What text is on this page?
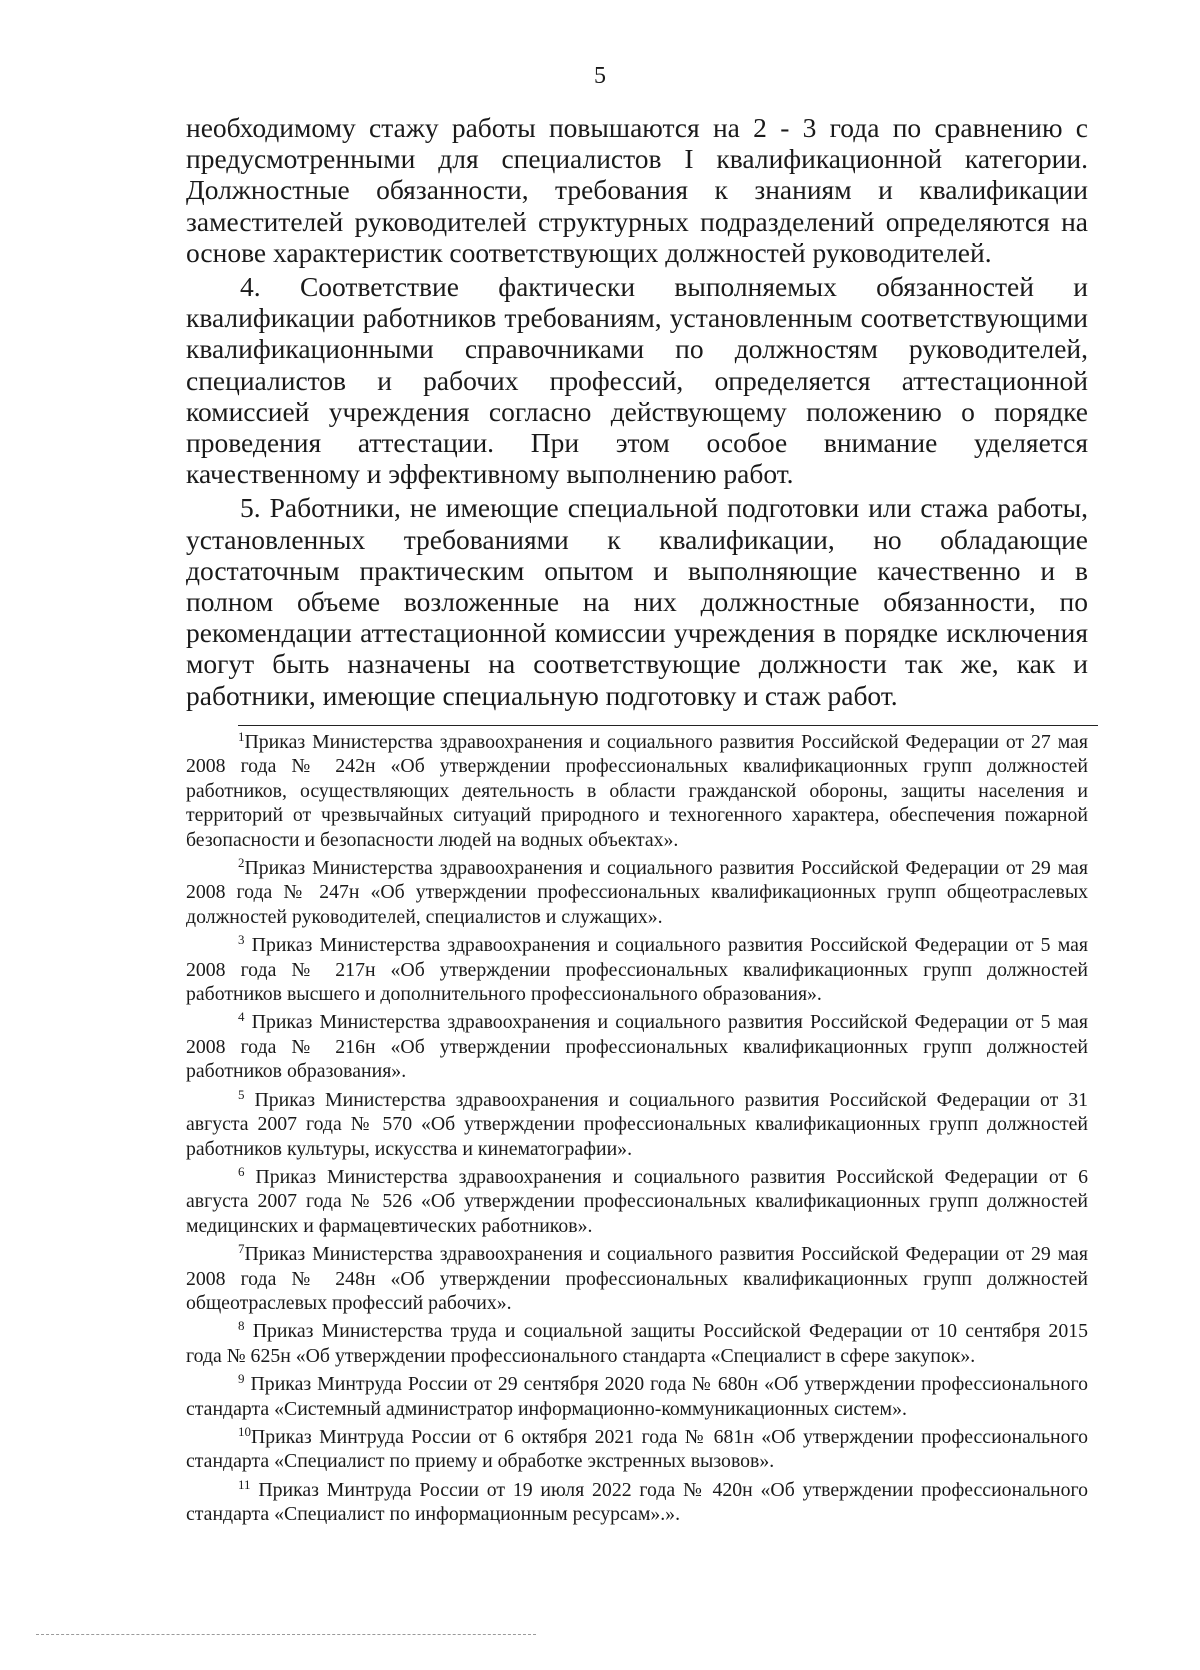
5

необходимому стажу работы повышаются на 2 - 3 года по сравнению с предусмотренными для специалистов I квалификационной категории. Должностные обязанности, требования к знаниям и квалификации заместителей руководителей структурных подразделений определяются на основе характеристик соответствующих должностей руководителей.

4. Соответствие фактически выполняемых обязанностей и квалификации работников требованиям, установленным соответствующими квалификационными справочниками по должностям руководителей, специалистов и рабочих профессий, определяется аттестационной комиссией учреждения согласно действующему положению о порядке проведения аттестации. При этом особое внимание уделяется качественному и эффективному выполнению работ.

5. Работники, не имеющие специальной подготовки или стажа работы, установленных требованиями к квалификации, но обладающие достаточным практическим опытом и выполняющие качественно и в полном объеме возложенные на них должностные обязанности, по рекомендации аттестационной комиссии учреждения в порядке исключения могут быть назначены на соответствующие должности так же, как и работники, имеющие специальную подготовку и стаж работ.

$^1$Приказ Министерства здравоохранения и социального развития Российской Федерации от 27 мая 2008 года № 242н «Об утверждении профессиональных квалификационных групп должностей работников, осуществляющих деятельность в области гражданской обороны, защиты населения и территорий от чрезвычайных ситуаций природного и техногенного характера, обеспечения пожарной безопасности и безопасности людей на водных объектах».

$^2$Приказ Министерства здравоохранения и социального развития Российской Федерации от 29 мая 2008 года № 247н «Об утверждении профессиональных квалификационных групп общеотраслевых должностей руководителей, специалистов и служащих».

$^3$ Приказ Министерства здравоохранения и социального развития Российской Федерации от 5 мая 2008 года № 217н «Об утверждении профессиональных квалификационных групп должностей работников высшего и дополнительного профессионального образования».

$^4$ Приказ Министерства здравоохранения и социального развития Российской Федерации от 5 мая 2008 года № 216н «Об утверждении профессиональных квалификационных групп должностей работников образования».

$^5$ Приказ Министерства здравоохранения и социального развития Российской Федерации от 31 августа 2007 года № 570 «Об утверждении профессиональных квалификационных групп должностей работников культуры, искусства и кинематографии».

$^6$ Приказ Министерства здравоохранения и социального развития Российской Федерации от 6 августа 2007 года № 526 «Об утверждении профессиональных квалификационных групп должностей медицинских и фармацевтических работников».

$^7$Приказ Министерства здравоохранения и социального развития Российской Федерации от 29 мая 2008 года № 248н «Об утверждении профессиональных квалификационных групп должностей общеотраслевых профессий рабочих».

$^8$ Приказ Министерства труда и социальной защиты Российской Федерации от 10 сентября 2015 года № 625н «Об утверждении профессионального стандарта «Специалист в сфере закупок».

$^9$ Приказ Минтруда России от 29 сентября 2020 года № 680н «Об утверждении профессионального стандарта «Системный администратор информационно-коммуникационных систем».

$^{10}$Приказ Минтруда России от 6 октября 2021 года № 681н «Об утверждении профессионального стандарта «Специалист по приему и обработке экстренных вызовов».

$^{11}$ Приказ Минтруда России от 19 июля 2022 года № 420н «Об утверждении профессионального стандарта «Специалист по информационным ресурсам».».
